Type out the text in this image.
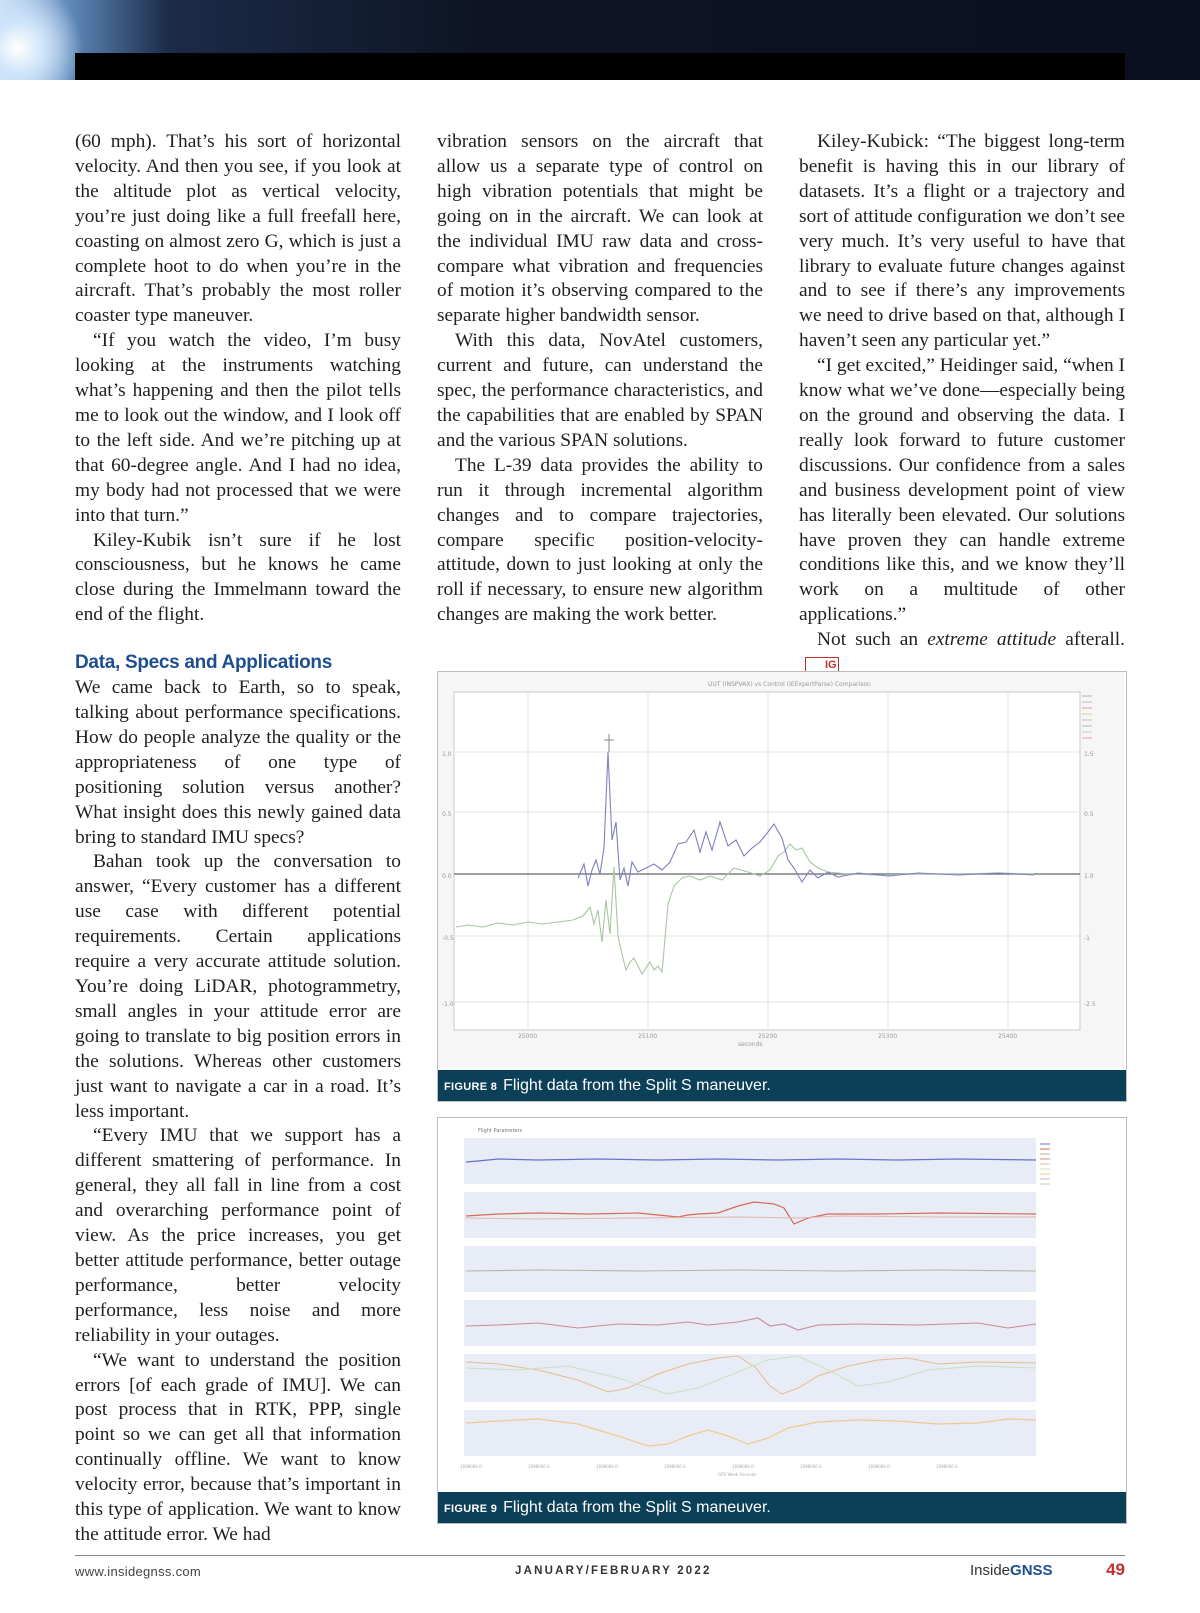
(60 mph). That’s his sort of horizontal velocity. And then you see, if you look at the altitude plot as vertical velocity, you’re just doing like a full freefall here, coasting on almost zero G, which is just a complete hoot to do when you’re in the aircraft. That’s probably the most roller coaster type maneuver.

“If you watch the video, I’m busy looking at the instruments watching what’s happening and then the pilot tells me to look out the window, and I look off to the left side. And we’re pitching up at that 60-degree angle. And I had no idea, my body had not processed that we were into that turn.”

Kiley-Kubik isn’t sure if he lost consciousness, but he knows he came close during the Immelmann toward the end of the flight.

Data, Specs and Applications

We came back to Earth, so to speak, talking about performance specifications. How do people analyze the quality or the appropriateness of one type of positioning solution versus another? What insight does this newly gained data bring to standard IMU specs?

Bahan took up the conversation to answer, “Every customer has a different use case with different potential requirements. Certain applications require a very accurate attitude solution. You’re doing LiDAR, photogrammetry, small angles in your attitude error are going to translate to big position errors in the solutions. Whereas other customers just want to navigate a car in a road. It’s less important.

“Every IMU that we support has a different smattering of performance. In general, they all fall in line from a cost and overarching performance point of view. As the price increases, you get better attitude performance, better outage performance, better velocity performance, less noise and more reliability in your outages.

“We want to understand the position errors [of each grade of IMU]. We can post process that in RTK, PPP, single point so we can get all that information continually offline. We want to know velocity error, because that’s important in this type of application. We want to know the attitude error. We had

vibration sensors on the aircraft that allow us a separate type of control on high vibration potentials that might be going on in the aircraft. We can look at the individual IMU raw data and cross-compare what vibration and frequencies of motion it’s observing compared to the separate higher bandwidth sensor.

With this data, NovAtel customers, current and future, can understand the spec, the performance characteristics, and the capabilities that are enabled by SPAN and the various SPAN solutions.

The L-39 data provides the ability to run it through incremental algorithm changes and to compare trajectories, compare specific position-velocity-attitude, down to just looking at only the roll if necessary, to ensure new algorithm changes are making the work better.

Kiley-Kubick: “The biggest long-term benefit is having this in our library of datasets. It’s a flight or a trajectory and sort of attitude configuration we don’t see very much. It’s very useful to have that library to evaluate future changes against and to see if there’s any improvements we need to drive based on that, although I haven’t seen any particular yet.”

“I get excited,” Heidinger said, “when I know what we’ve done—especially being on the ground and observing the data. I really look forward to future customer discussions. Our confidence from a sales and business development point of view has literally been elevated. Our solutions have proven they can handle extreme conditions like this, and we know they’ll work on a multitude of other applications.”

Not such an extreme attitude afterall.IG

1.0
0.5
0.0
-0.5
-1.0
1.5
0.5
1.0
-1
-2.5
25000	25100	25200	25300	25400
seconds
UUT (INSPVAX) vs Control (IEExpertParse) Comparison
FIGURE 8 Flight data from the Split S maneuver.
Flight Parameters
1698000.0	1698000.0	1698000.0	1698000.0	1698000.0	1698000.0	1698000.0	1698000.0
GPS Week Seconds
FIGURE 9 Flight data from the Split S maneuver.
www.insidegnss.com	JANUARY/FEBRUARY 2022	InsideGNSS	49
